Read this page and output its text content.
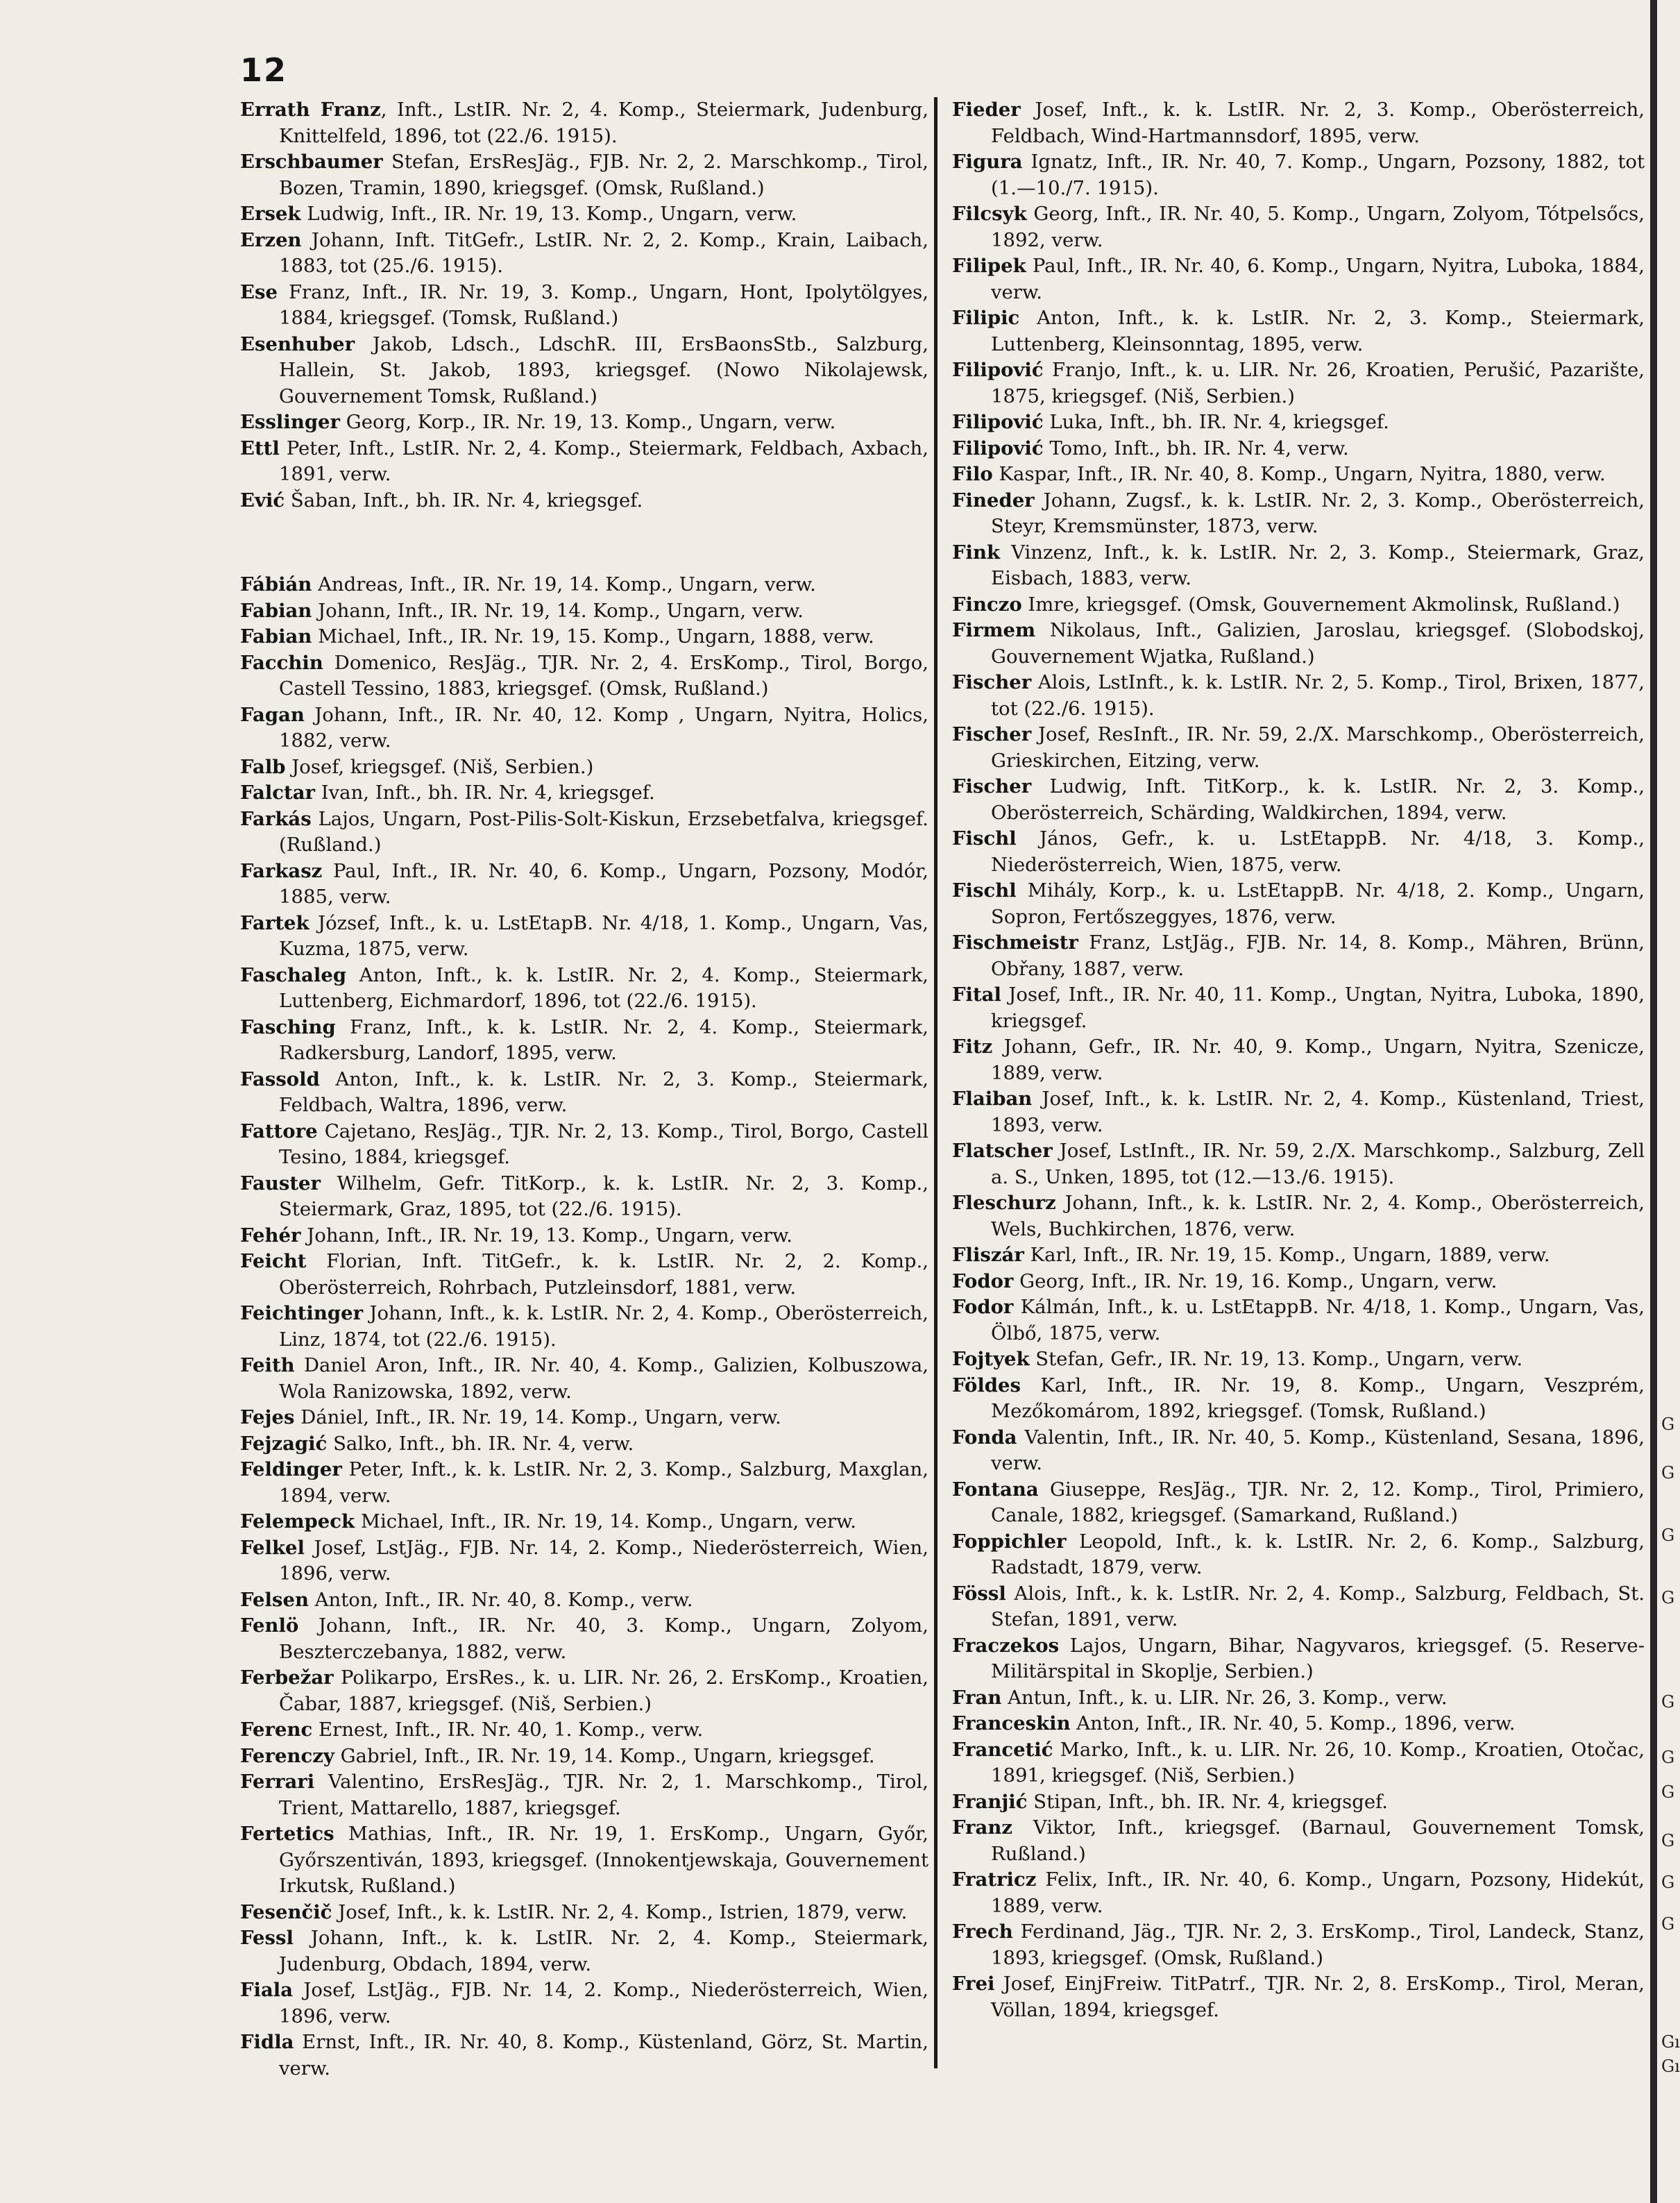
12

Errath Franz, Inft., LstIR. Nr. 2, 4. Komp., Steiermark, Judenburg, Knittelfeld, 1896, tot (22./6. 1915).

Erschbaumer Stefan, ErsResJäg., FJB. Nr. 2, 2. Marschkomp., Tirol, Bozen, Tramin, 1890, kriegsgef. (Omsk, Rußland.)

Ersek Ludwig, Inft., IR. Nr. 19, 13. Komp., Ungarn, verw.

Erzen Johann, Inft. TitGefr., LstIR. Nr. 2, 2. Komp., Krain, Laibach, 1883, tot (25./6. 1915).

Ese Franz, Inft., IR. Nr. 19, 3. Komp., Ungarn, Hont, Ipolytölgyes, 1884, kriegsgef. (Tomsk, Rußland.)

Esenhuber Jakob, Ldsch., LdschR. III, ErsBaonsStb., Salzburg, Hallein, St. Jakob, 1893, kriegsgef. (Nowo Nikolajewsk, Gouvernement Tomsk, Rußland.)

Esslinger Georg, Korp., IR. Nr. 19, 13. Komp., Ungarn, verw.

Ettl Peter, Inft., LstIR. Nr. 2, 4. Komp., Steiermark, Feldbach, Axbach, 1891, verw.

Ević Šaban, Inft., bh. IR. Nr. 4, kriegsgef.

Fábián Andreas, Inft., IR. Nr. 19, 14. Komp., Ungarn, verw.

Fabian Johann, Inft., IR. Nr. 19, 14. Komp., Ungarn, verw.

Fabian Michael, Inft., IR. Nr. 19, 15. Komp., Ungarn, 1888, verw.

Facchin Domenico, ResJäg., TJR. Nr. 2, 4. ErsKomp., Tirol, Borgo, Castell Tessino, 1883, kriegsgef. (Omsk, Rußland.)

Fagan Johann, Inft., IR. Nr. 40, 12. Komp , Ungarn, Nyitra, Holics, 1882, verw.

Falb Josef, kriegsgef. (Niš, Serbien.)

Falctar Ivan, Inft., bh. IR. Nr. 4, kriegsgef.

Farkás Lajos, Ungarn, Post-Pilis-Solt-Kiskun, Erzsebetfalva, kriegsgef. (Rußland.)

Farkasz Paul, Inft., IR. Nr. 40, 6. Komp., Ungarn, Pozsony, Modór, 1885, verw.

Fartek József, Inft., k. u. LstEtapB. Nr. 4/18, 1. Komp., Ungarn, Vas, Kuzma, 1875, verw.

Faschaleg Anton, Inft., k. k. LstIR. Nr. 2, 4. Komp., Steiermark, Luttenberg, Eichmardorf, 1896, tot (22./6. 1915).

Fasching Franz, Inft., k. k. LstIR. Nr. 2, 4. Komp., Steiermark, Radkersburg, Landorf, 1895, verw.

Fassold Anton, Inft., k. k. LstIR. Nr. 2, 3. Komp., Steiermark, Feldbach, Waltra, 1896, verw.

Fattore Cajetano, ResJäg., TJR. Nr. 2, 13. Komp., Tirol, Borgo, Castell Tesino, 1884, kriegsgef.

Fauster Wilhelm, Gefr. TitKorp., k. k. LstIR. Nr. 2, 3. Komp., Steiermark, Graz, 1895, tot (22./6. 1915).

Fehér Johann, Inft., IR. Nr. 19, 13. Komp., Ungarn, verw.

Feicht Florian, Inft. TitGefr., k. k. LstIR. Nr. 2, 2. Komp., Oberösterreich, Rohrbach, Putzleinsdorf, 1881, verw.

Feichtinger Johann, Inft., k. k. LstIR. Nr. 2, 4. Komp., Oberösterreich, Linz, 1874, tot (22./6. 1915).

Feith Daniel Aron, Inft., IR. Nr. 40, 4. Komp., Galizien, Kolbuszowa, Wola Ranizowska, 1892, verw.

Fejes Dániel, Inft., IR. Nr. 19, 14. Komp., Ungarn, verw.

Fejzagić Salko, Inft., bh. IR. Nr. 4, verw.

Feldinger Peter, Inft., k. k. LstIR. Nr. 2, 3. Komp., Salzburg, Maxglan, 1894, verw.

Felempeck Michael, Inft., IR. Nr. 19, 14. Komp., Ungarn, verw.

Felkel Josef, LstJäg., FJB. Nr. 14, 2. Komp., Niederösterreich, Wien, 1896, verw.

Felsen Anton, Inft., IR. Nr. 40, 8. Komp., verw.

Fenlö Johann, Inft., IR. Nr. 40, 3. Komp., Ungarn, Zolyom, Beszterczebanya, 1882, verw.

Ferbežar Polikarpo, ErsRes., k. u. LIR. Nr. 26, 2. ErsKomp., Kroatien, Čabar, 1887, kriegsgef. (Niš, Serbien.)

Ferenc Ernest, Inft., IR. Nr. 40, 1. Komp., verw.

Ferenczy Gabriel, Inft., IR. Nr. 19, 14. Komp., Ungarn, kriegsgef.

Ferrari Valentino, ErsResJäg., TJR. Nr. 2, 1. Marschkomp., Tirol, Trient, Mattarello, 1887, kriegsgef.

Fertetics Mathias, Inft., IR. Nr. 19, 1. ErsKomp., Ungarn, Győr, Győrszentiván, 1893, kriegsgef. (Innokentjewskaja, Gouvernement Irkutsk, Rußland.)

Fesenčič Josef, Inft., k. k. LstIR. Nr. 2, 4. Komp., Istrien, 1879, verw.

Fessl Johann, Inft., k. k. LstIR. Nr. 2, 4. Komp., Steiermark, Judenburg, Obdach, 1894, verw.

Fiala Josef, LstJäg., FJB. Nr. 14, 2. Komp., Niederösterreich, Wien, 1896, verw.

Fidla Ernst, Inft., IR. Nr. 40, 8. Komp., Küstenland, Görz, St. Martin, verw.

Fieder Josef, Inft., k. k. LstIR. Nr. 2, 3. Komp., Oberösterreich, Feldbach, Wind-Hartmannsdorf, 1895, verw.

Figura Ignatz, Inft., IR. Nr. 40, 7. Komp., Ungarn, Pozsony, 1882, tot (1.—10./7. 1915).

Filcsyk Georg, Inft., IR. Nr. 40, 5. Komp., Ungarn, Zolyom, Tótpelsőcs, 1892, verw.

Filipek Paul, Inft., IR. Nr. 40, 6. Komp., Ungarn, Nyitra, Luboka, 1884, verw.

Filipic Anton, Inft., k. k. LstIR. Nr. 2, 3. Komp., Steiermark, Luttenberg, Kleinsonntag, 1895, verw.

Filipović Franjo, Inft., k. u. LIR. Nr. 26, Kroatien, Perušić, Pazarište, 1875, kriegsgef. (Niš, Serbien.)

Filipović Luka, Inft., bh. IR. Nr. 4, kriegsgef.

Filipović Tomo, Inft., bh. IR. Nr. 4, verw.

Filo Kaspar, Inft., IR. Nr. 40, 8. Komp., Ungarn, Nyitra, 1880, verw.

Fineder Johann, Zugsf., k. k. LstIR. Nr. 2, 3. Komp., Oberösterreich, Steyr, Kremsmünster, 1873, verw.

Fink Vinzenz, Inft., k. k. LstIR. Nr. 2, 3. Komp., Steiermark, Graz, Eisbach, 1883, verw.

Finczo Imre, kriegsgef. (Omsk, Gouvernement Akmolinsk, Rußland.)

Firmem Nikolaus, Inft., Galizien, Jaroslau, kriegsgef. (Slobodskoj, Gouvernement Wjatka, Rußland.)

Fischer Alois, LstInft., k. k. LstIR. Nr. 2, 5. Komp., Tirol, Brixen, 1877, tot (22./6. 1915).

Fischer Josef, ResInft., IR. Nr. 59, 2./X. Marschkomp., Oberösterreich, Grieskirchen, Eitzing, verw.

Fischer Ludwig, Inft. TitKorp., k. k. LstIR. Nr. 2, 3. Komp., Oberösterreich, Schärding, Waldkirchen, 1894, verw.

Fischl János, Gefr., k. u. LstEtappB. Nr. 4/18, 3. Komp., Niederösterreich, Wien, 1875, verw.

Fischl Mihály, Korp., k. u. LstEtappB. Nr. 4/18, 2. Komp., Ungarn, Sopron, Fertőszeggyes, 1876, verw.

Fischmeistr Franz, LstJäg., FJB. Nr. 14, 8. Komp., Mähren, Brünn, Obřany, 1887, verw.

Fital Josef, Inft., IR. Nr. 40, 11. Komp., Ungtan, Nyitra, Luboka, 1890, kriegsgef.

Fitz Johann, Gefr., IR. Nr. 40, 9. Komp., Ungarn, Nyitra, Szenicze, 1889, verw.

Flaiban Josef, Inft., k. k. LstIR. Nr. 2, 4. Komp., Küstenland, Triest, 1893, verw.

Flatscher Josef, LstInft., IR. Nr. 59, 2./X. Marschkomp., Salzburg, Zell a. S., Unken, 1895, tot (12.—13./6. 1915).

Fleschurz Johann, Inft., k. k. LstIR. Nr. 2, 4. Komp., Oberösterreich, Wels, Buchkirchen, 1876, verw.

Fliszár Karl, Inft., IR. Nr. 19, 15. Komp., Ungarn, 1889, verw.

Fodor Georg, Inft., IR. Nr. 19, 16. Komp., Ungarn, verw.

Fodor Kálmán, Inft., k. u. LstEtappB. Nr. 4/18, 1. Komp., Ungarn, Vas, Ölbő, 1875, verw.

Fojtyek Stefan, Gefr., IR. Nr. 19, 13. Komp., Ungarn, verw.

Földes Karl, Inft., IR. Nr. 19, 8. Komp., Ungarn, Veszprém, Mezőkomárom, 1892, kriegsgef. (Tomsk, Rußland.)

Fonda Valentin, Inft., IR. Nr. 40, 5. Komp., Küstenland, Sesana, 1896, verw.

Fontana Giuseppe, ResJäg., TJR. Nr. 2, 12. Komp., Tirol, Primiero, Canale, 1882, kriegsgef. (Samarkand, Rußland.)

Foppichler Leopold, Inft., k. k. LstIR. Nr. 2, 6. Komp., Salzburg, Radstadt, 1879, verw.

Fössl Alois, Inft., k. k. LstIR. Nr. 2, 4. Komp., Salzburg, Feldbach, St. Stefan, 1891, verw.

Fraczekos Lajos, Ungarn, Bihar, Nagyvaros, kriegsgef. (5. Reserve-Militärspital in Skoplje, Serbien.)

Fran Antun, Inft., k. u. LIR. Nr. 26, 3. Komp., verw.

Franceskin Anton, Inft., IR. Nr. 40, 5. Komp., 1896, verw.

Francetić Marko, Inft., k. u. LIR. Nr. 26, 10. Komp., Kroatien, Otočac, 1891, kriegsgef. (Niš, Serbien.)

Franjić Stipan, Inft., bh. IR. Nr. 4, kriegsgef.

Franz Viktor, Inft., kriegsgef. (Barnaul, Gouvernement Tomsk, Rußland.)

Fratricz Felix, Inft., IR. Nr. 40, 6. Komp., Ungarn, Pozsony, Hidekút, 1889, verw.

Frech Ferdinand, Jäg., TJR. Nr. 2, 3. ErsKomp., Tirol, Landeck, Stanz, 1893, kriegsgef. (Omsk, Rußland.)

Frei Josef, EinjFreiw. TitPatrf., TJR. Nr. 2, 8. ErsKomp., Tirol, Meran, Völlan, 1894, kriegsgef.

G
G
G
G
G
G
G
G
G
G
Gı
Gı
